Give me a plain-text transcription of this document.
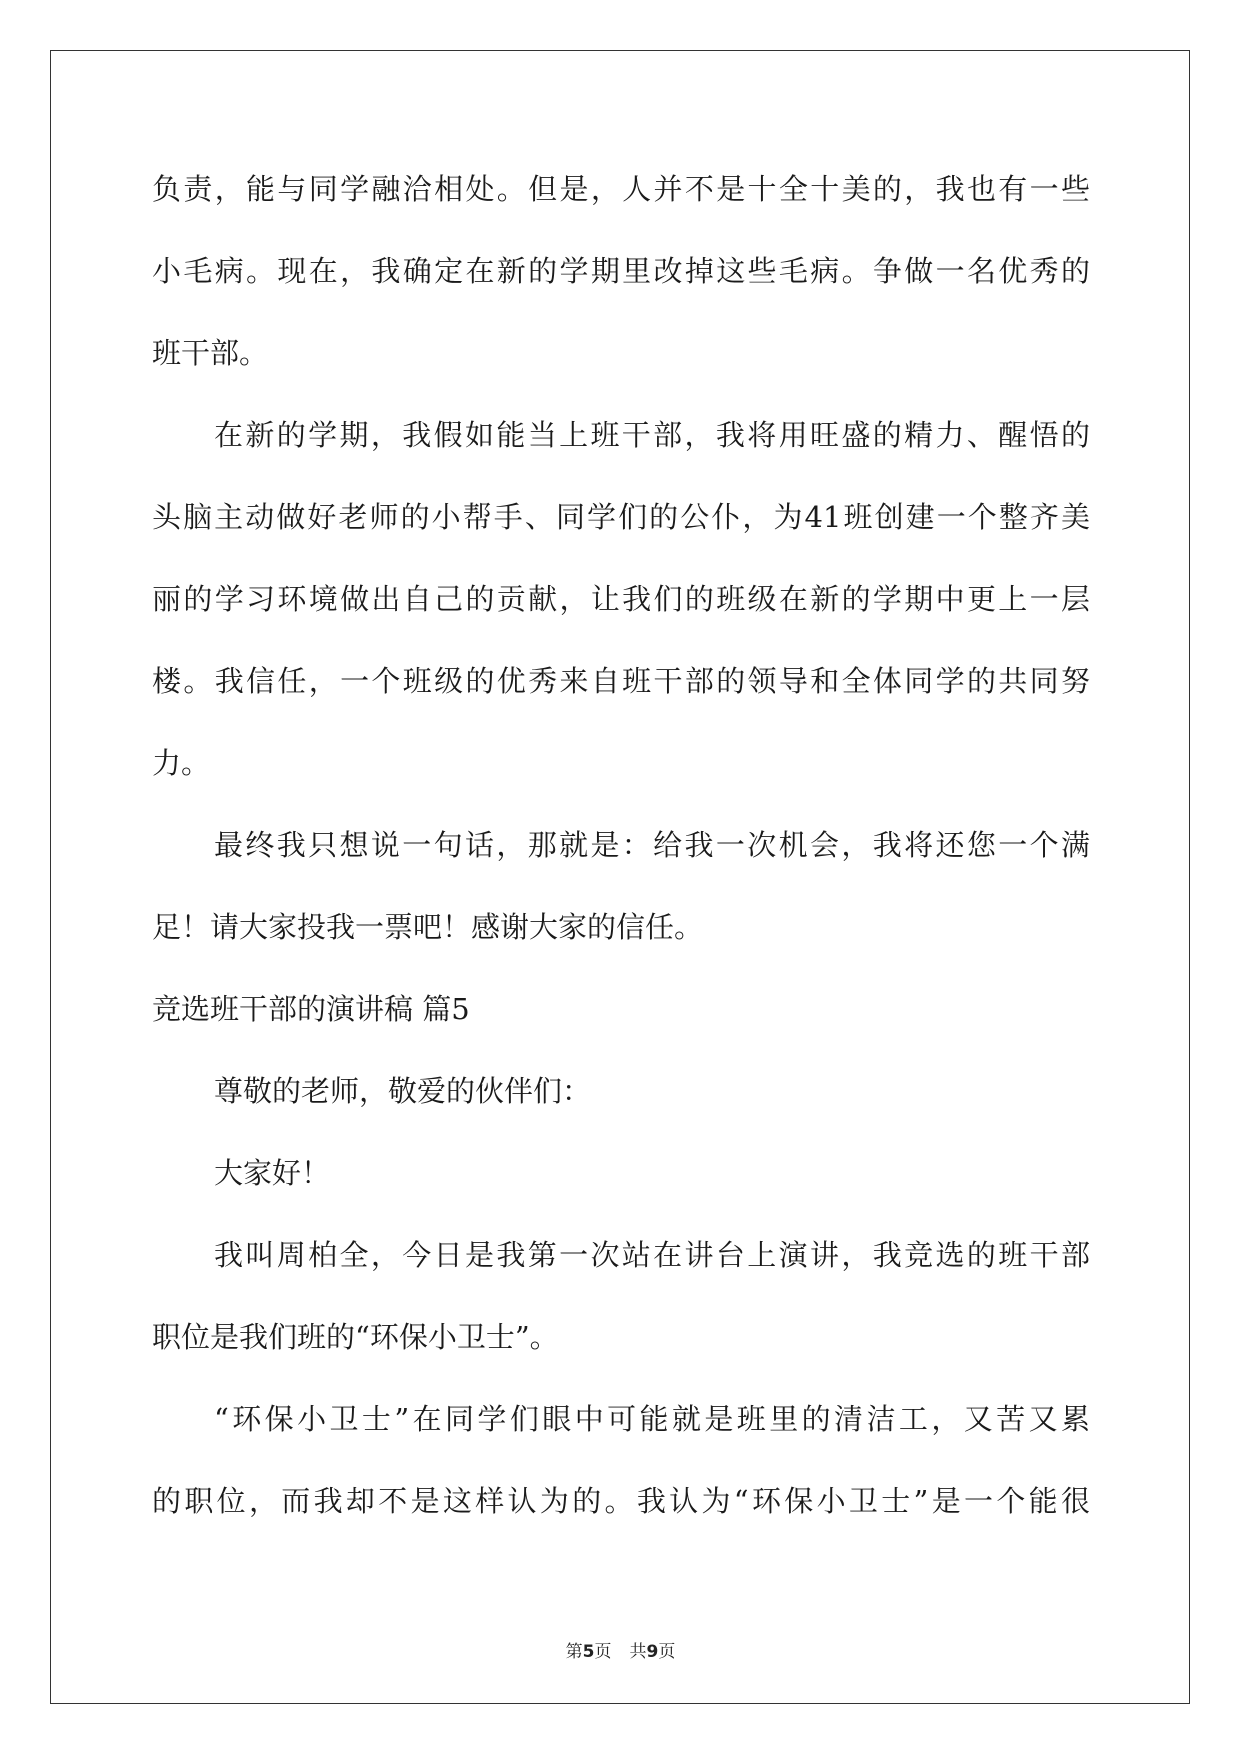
负责，能与同学融洽相处。但是，人并不是十全十美的，我也有一些
小毛病。现在，我确定在新的学期里改掉这些毛病。争做一名优秀的
班干部。
在新的学期，我假如能当上班干部，我将用旺盛的精力、醒悟的
头脑主动做好老师的小帮手、同学们的公仆，为41班创建一个整齐美
丽的学习环境做出自己的贡献，让我们的班级在新的学期中更上一层
楼。我信任，一个班级的优秀来自班干部的领导和全体同学的共同努
力。
最终我只想说一句话，那就是：给我一次机会，我将还您一个满
足！请大家投我一票吧！感谢大家的信任。
竞选班干部的演讲稿 篇5
尊敬的老师，敬爱的伙伴们：
大家好！
我叫周柏全，今日是我第一次站在讲台上演讲，我竞选的班干部
职位是我们班的“环保小卫士”。
“环保小卫士”在同学们眼中可能就是班里的清洁工，又苦又累
的职位，而我却不是这样认为的。我认为“环保小卫士”是一个能很
第5页 共9页
